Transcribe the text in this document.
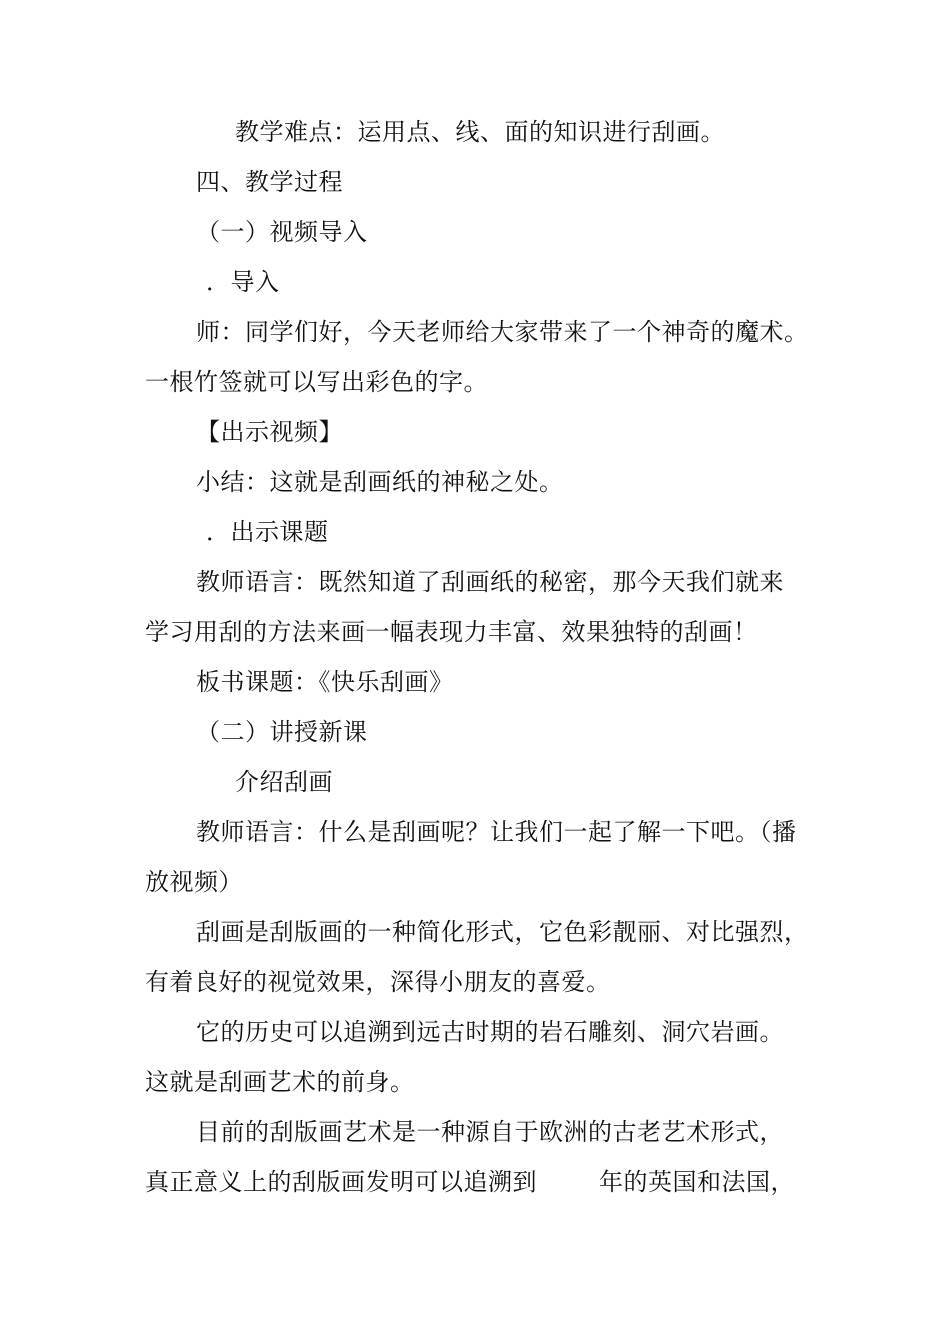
教学难点：运用点、线、面的知识进行刮画。
四、教学过程
（一）视频导入
．导入
师：同学们好，今天老师给大家带来了一个神奇的魔术。
一根竹签就可以写出彩色的字。
【出示视频】
小结：这就是刮画纸的神秘之处。
．出示课题
教师语言：既然知道了刮画纸的秘密，那今天我们就来
学习用刮的方法来画一幅表现力丰富、效果独特的刮画！
板书课题：《快乐刮画》
（二）讲授新课
介绍刮画
教师语言：什么是刮画呢？让我们一起了解一下吧。（播
放视频）
刮画是刮版画的一种简化形式，它色彩靓丽、对比强烈，
有着良好的视觉效果，深得小朋友的喜爱。
它的历史可以追溯到远古时期的岩石雕刻、洞穴岩画。
这就是刮画艺术的前身。
目前的刮版画艺术是一种源自于欧洲的古老艺术形式，
真正意义上的刮版画发明可以追溯到	年的英国和法国，
